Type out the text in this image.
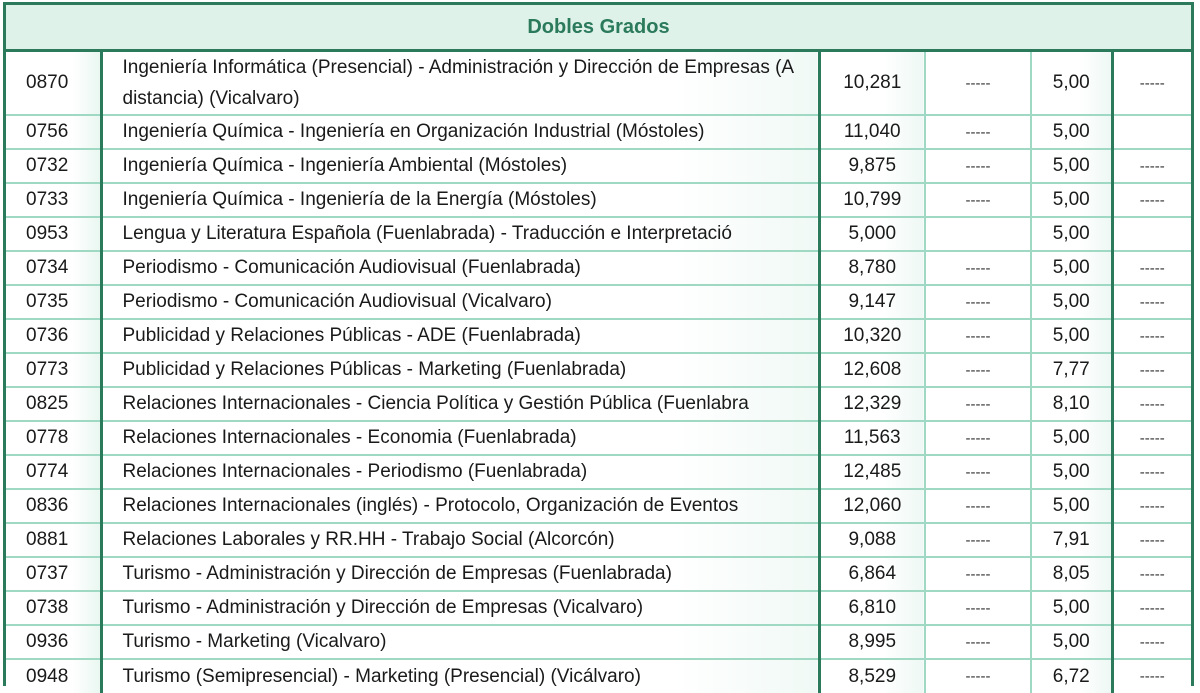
Dobles Grados
0870	Ingeniería Informática (Presencial) - Administración y Dirección de Empresas (A distancia) (Vicalvaro)	10,281	-----	5,00	-----
0756	Ingeniería Química - Ingeniería en Organización Industrial (Móstoles)	11,040	-----	5,00	
0732	Ingeniería Química - Ingeniería Ambiental (Móstoles)	9,875	-----	5,00	-----
0733	Ingeniería Química - Ingeniería de la Energía (Móstoles)	10,799	-----	5,00	-----
0953	Lengua y Literatura Española (Fuenlabrada) - Traducción e Interpretació	5,000		5,00	
0734	Periodismo - Comunicación Audiovisual (Fuenlabrada)	8,780	-----	5,00	-----
0735	Periodismo - Comunicación Audiovisual (Vicalvaro)	9,147	-----	5,00	-----
0736	Publicidad y Relaciones Públicas - ADE (Fuenlabrada)	10,320	-----	5,00	-----
0773	Publicidad y Relaciones Públicas - Marketing (Fuenlabrada)	12,608	-----	7,77	-----
0825	Relaciones Internacionales - Ciencia Política y Gestión Pública (Fuenlabra	12,329	-----	8,10	-----
0778	Relaciones Internacionales - Economia (Fuenlabrada)	11,563	-----	5,00	-----
0774	Relaciones Internacionales - Periodismo (Fuenlabrada)	12,485	-----	5,00	-----
0836	Relaciones Internacionales (inglés) - Protocolo, Organización de Eventos	12,060	-----	5,00	-----
0881	Relaciones Laborales y RR.HH - Trabajo Social (Alcorcón)	9,088	-----	7,91	-----
0737	Turismo - Administración y Dirección de Empresas (Fuenlabrada)	6,864	-----	8,05	-----
0738	Turismo - Administración y Dirección de Empresas (Vicalvaro)	6,810	-----	5,00	-----
0936	Turismo - Marketing (Vicalvaro)	8,995	-----	5,00	-----
0948	Turismo (Semipresencial) - Marketing (Presencial) (Vicálvaro)	8,529	-----	6,72	-----
